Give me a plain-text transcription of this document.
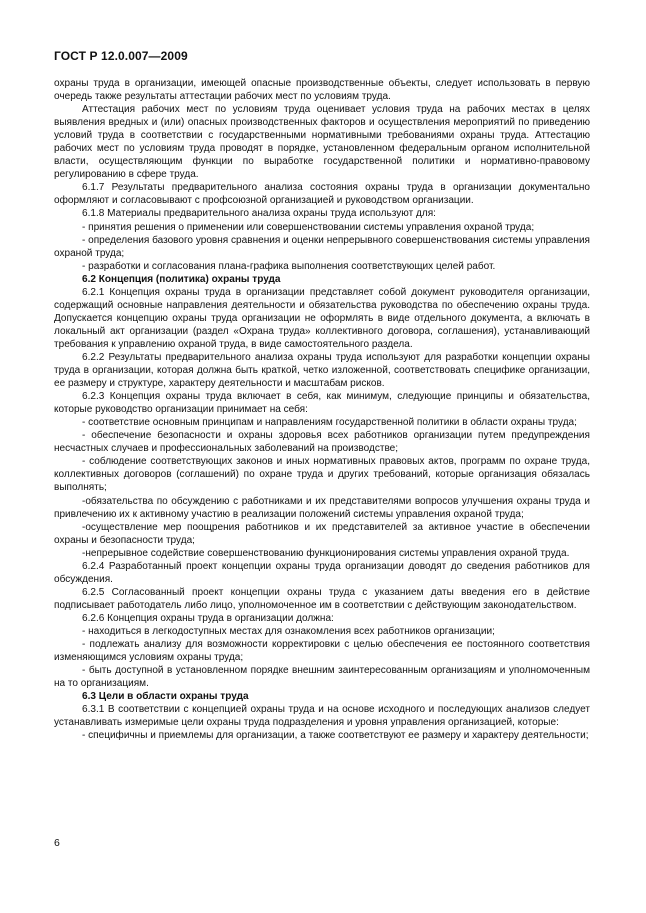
ГОСТ Р 12.0.007—2009

охраны труда в организации, имеющей опасные производственные объекты, следует использовать в первую очередь также результаты аттестации рабочих мест по условиям труда.

Аттестация рабочих мест по условиям труда оценивает условия труда на рабочих местах в целях выявления вредных и (или) опасных производственных факторов и осуществления мероприятий по приведению условий труда в соответствии с государственными нормативными требованиями охраны труда. Аттестацию рабочих мест по условиям труда проводят в порядке, установленном федеральным органом исполнительной власти, осуществляющим функции по выработке государственной политики и нормативно-правовому регулированию в сфере труда.

6.1.7 Результаты предварительного анализа состояния охраны труда в организации документально оформляют и согласовывают с профсоюзной организацией и руководством организации.

6.1.8 Материалы предварительного анализа охраны труда используют для:

- принятия решения о применении или совершенствовании системы управления охраной труда;

- определения базового уровня сравнения и оценки непрерывного совершенствования системы управления охраной труда;

- разработки и согласования плана-графика выполнения соответствующих целей работ.

6.2 Концепция (политика) охраны труда

6.2.1 Концепция охраны труда в организации представляет собой документ руководителя организации, содержащий основные направления деятельности и обязательства руководства по обеспечению охраны труда. Допускается концепцию охраны труда организации не оформлять в виде отдельного документа, а включать в локальный акт организации (раздел «Охрана труда» коллективного договора, соглашения), устанавливающий требования к управлению охраной труда, в виде самостоятельного раздела.

6.2.2 Результаты предварительного анализа охраны труда используют для разработки концепции охраны труда в организации, которая должна быть краткой, четко изложенной, соответствовать специфике организации, ее размеру и структуре, характеру деятельности и масштабам рисков.

6.2.3 Концепция охраны труда включает в себя, как минимум, следующие принципы и обязательства, которые руководство организации принимает на себя:

- соответствие основным принципам и направлениям государственной политики в области охраны труда;

- обеспечение безопасности и охраны здоровья всех работников организации путем предупреждения несчастных случаев и профессиональных заболеваний на производстве;

- соблюдение соответствующих законов и иных нормативных правовых актов, программ по охране труда, коллективных договоров (соглашений) по охране труда и других требований, которые организация обязалась выполнять;

-обязательства по обсуждению с работниками и их представителями вопросов улучшения охраны труда и привлечению их к активному участию в реализации положений системы управления охраной труда;

-осуществление мер поощрения работников и их представителей за активное участие в обеспечении охраны и безопасности труда;

-непрерывное содействие совершенствованию функционирования системы управления охраной труда.

6.2.4 Разработанный проект концепции охраны труда организации доводят до сведения работников для обсуждения.

6.2.5 Согласованный проект концепции охраны труда с указанием даты введения его в действие подписывает работодатель либо лицо, уполномоченное им в соответствии с действующим законодательством.

6.2.6 Концепция охраны труда в организации должна:

- находиться в легкодоступных местах для ознакомления всех работников организации;

- подлежать анализу для возможности корректировки с целью обеспечения ее постоянного соответствия изменяющимся условиям охраны труда;

- быть доступной в установленном порядке внешним заинтересованным организациям и уполномоченным на то организациям.

6.3 Цели в области охраны труда

6.3.1 В соответствии с концепцией охраны труда и на основе исходного и последующих анализов следует устанавливать измеримые цели охраны труда подразделения и уровня управления организацией, которые:

- специфичны и приемлемы для организации, а также соответствуют ее размеру и характеру деятельности;

6
